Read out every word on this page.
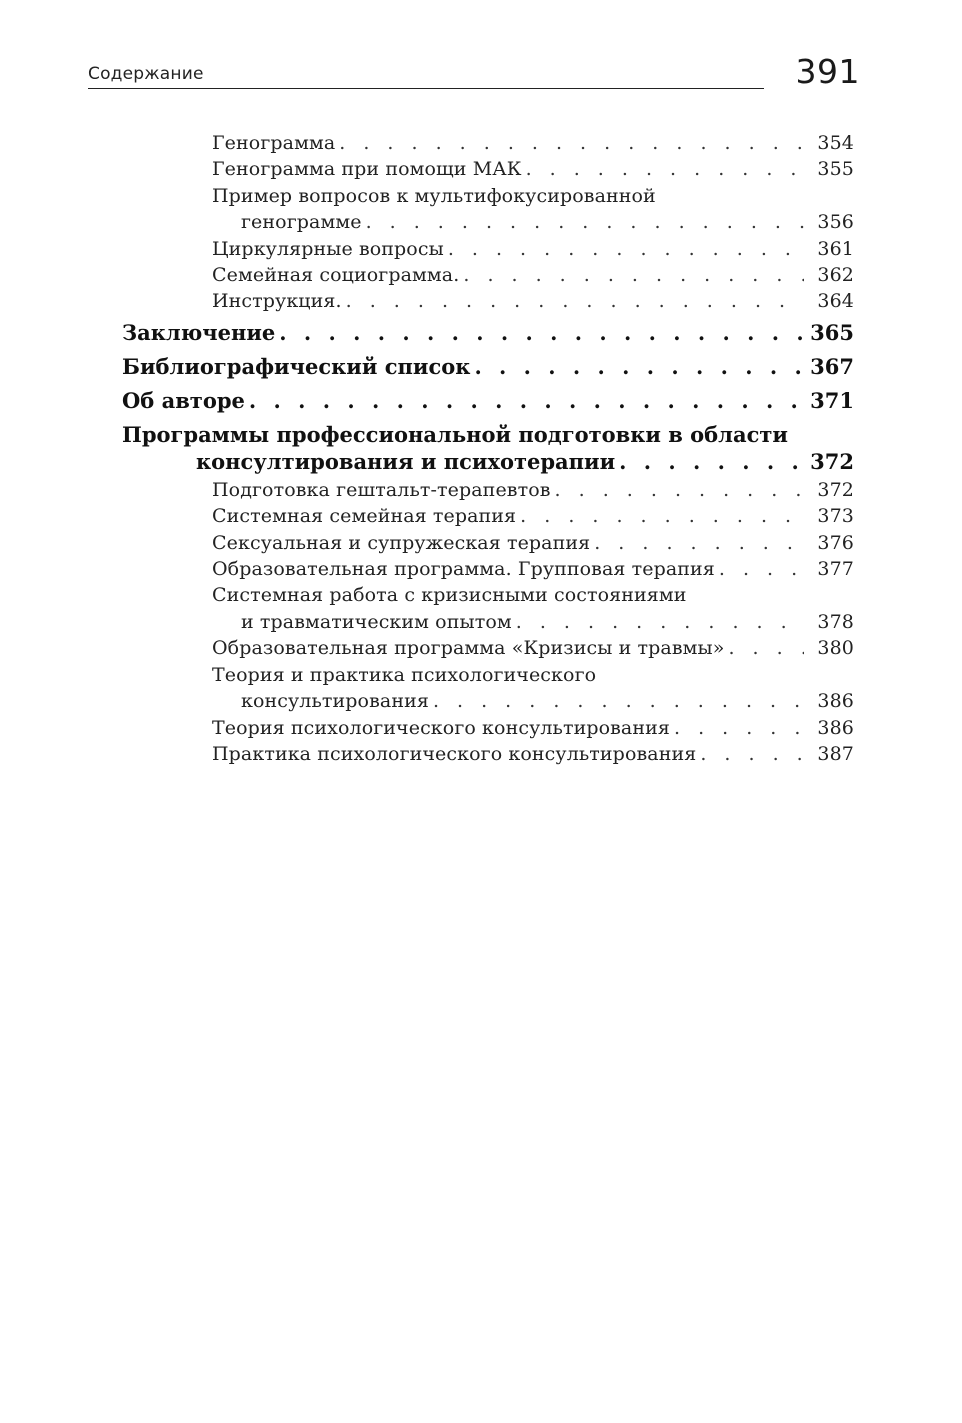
Содержание	391
Генограмма . . .	354
Генограмма при помощи МАК . . .	355
Пример вопросов к мультифокусированной
генограмме . . .	356
Циркулярные вопросы . . .	361
Семейная социограмма. . . .	362
Инструкция. . . .	364
Заключение . . .	365
Библиографический список . . .	367
Об авторе . . .	371
Программы профессиональной подготовки в области
консултирования и психотерапии . . .	372
Подготовка гештальт-терапевтов . . .	372
Системная семейная терапия . . .	373
Сексуальная и супружеская терапия . . .	376
Образовательная программа. Групповая терапия . . .	377
Системная работа с кризисными состояниями
и травматическим опытом . . .	378
Образовательная программа «Кризисы и травмы» . . .	380
Теория и практика психологического
консультирования . . .	386
Теория психологического консультирования . . .	386
Практика психологического консультирования . . .	387
